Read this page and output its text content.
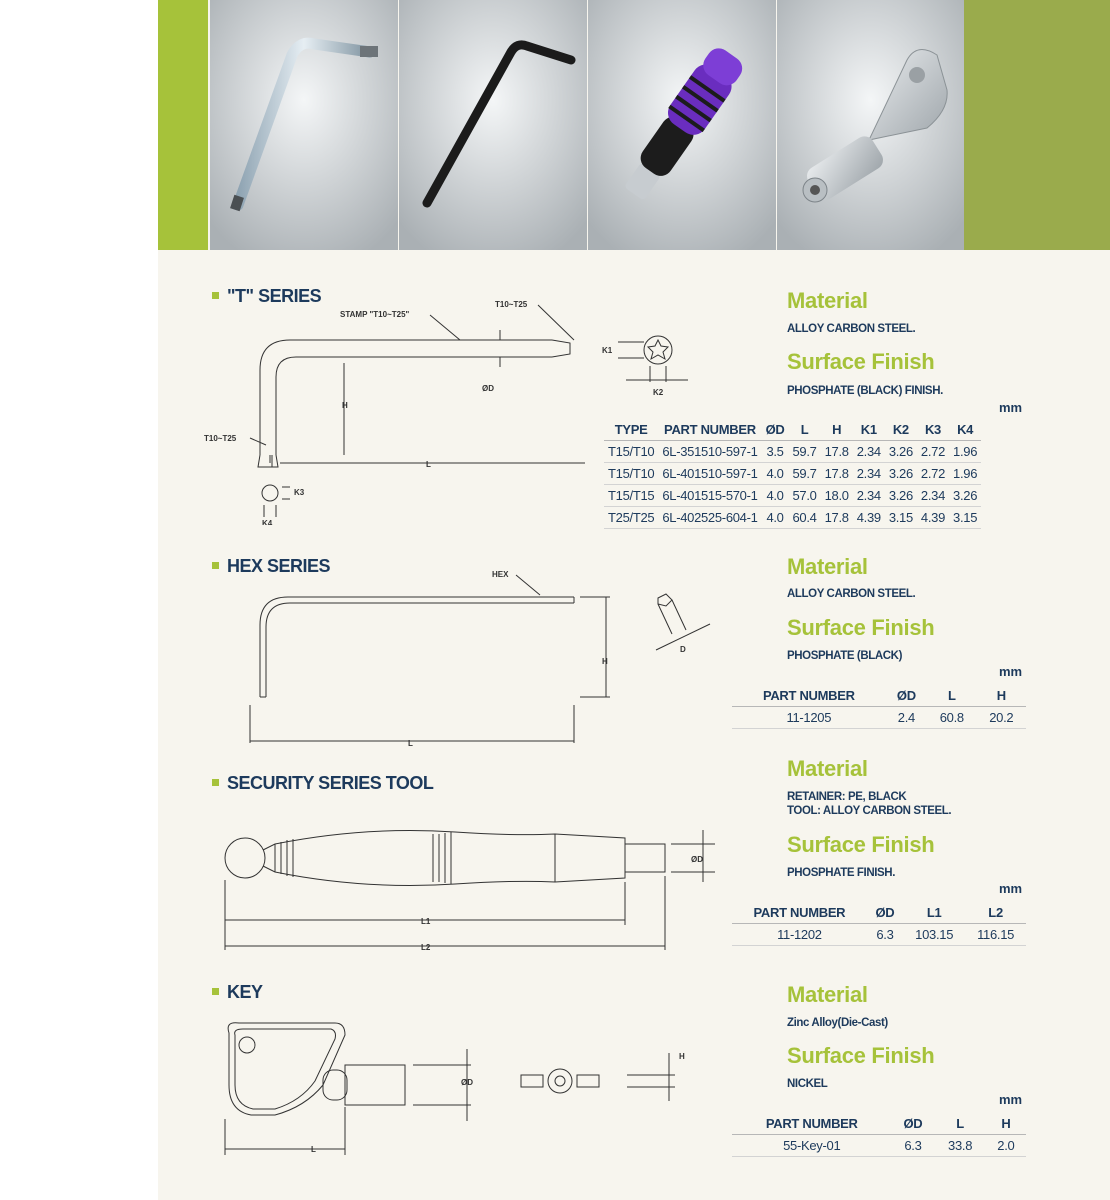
"T" SERIES
STAMP "T10~T25"
T10~T25
T10~T25
ØD
H
L
K3
K4
K1
K2
Material
ALLOY CARBON STEEL.
Surface Finish
PHOSPHATE (BLACK) FINISH.
mm
TYPE	PART NUMBER	ØD	L	H	K1	K2	K3	K4
T15/T10	6L-351510-597-1	3.5	59.7	17.8	2.34	3.26	2.72	1.96
T15/T10	6L-401510-597-1	4.0	59.7	17.8	2.34	3.26	2.72	1.96
T15/T15	6L-401515-570-1	4.0	57.0	18.0	2.34	3.26	2.34	3.26
T25/T25	6L-402525-604-1	4.0	60.4	17.8	4.39	3.15	4.39	3.15
HEX SERIES	HEX
H
L
D
Material
ALLOY CARBON STEEL.
Surface Finish
PHOSPHATE (BLACK)
mm
PART NUMBER	ØD	L	H
11-1205	2.4	60.8	20.2
SECURITY SERIES TOOL
ØD
L1
L2
Material
RETAINER: PE, BLACK
TOOL: ALLOY CARBON STEEL.
Surface Finish
PHOSPHATE FINISH.
mm
PART NUMBER	ØD	L1	L2
11-1202	6.3	103.15	116.15
KEY
ØD
L
H
Material
Zinc Alloy(Die-Cast)
Surface Finish
NICKEL
mm
PART NUMBER	ØD	L	H
55-Key-01	6.3	33.8	2.0
